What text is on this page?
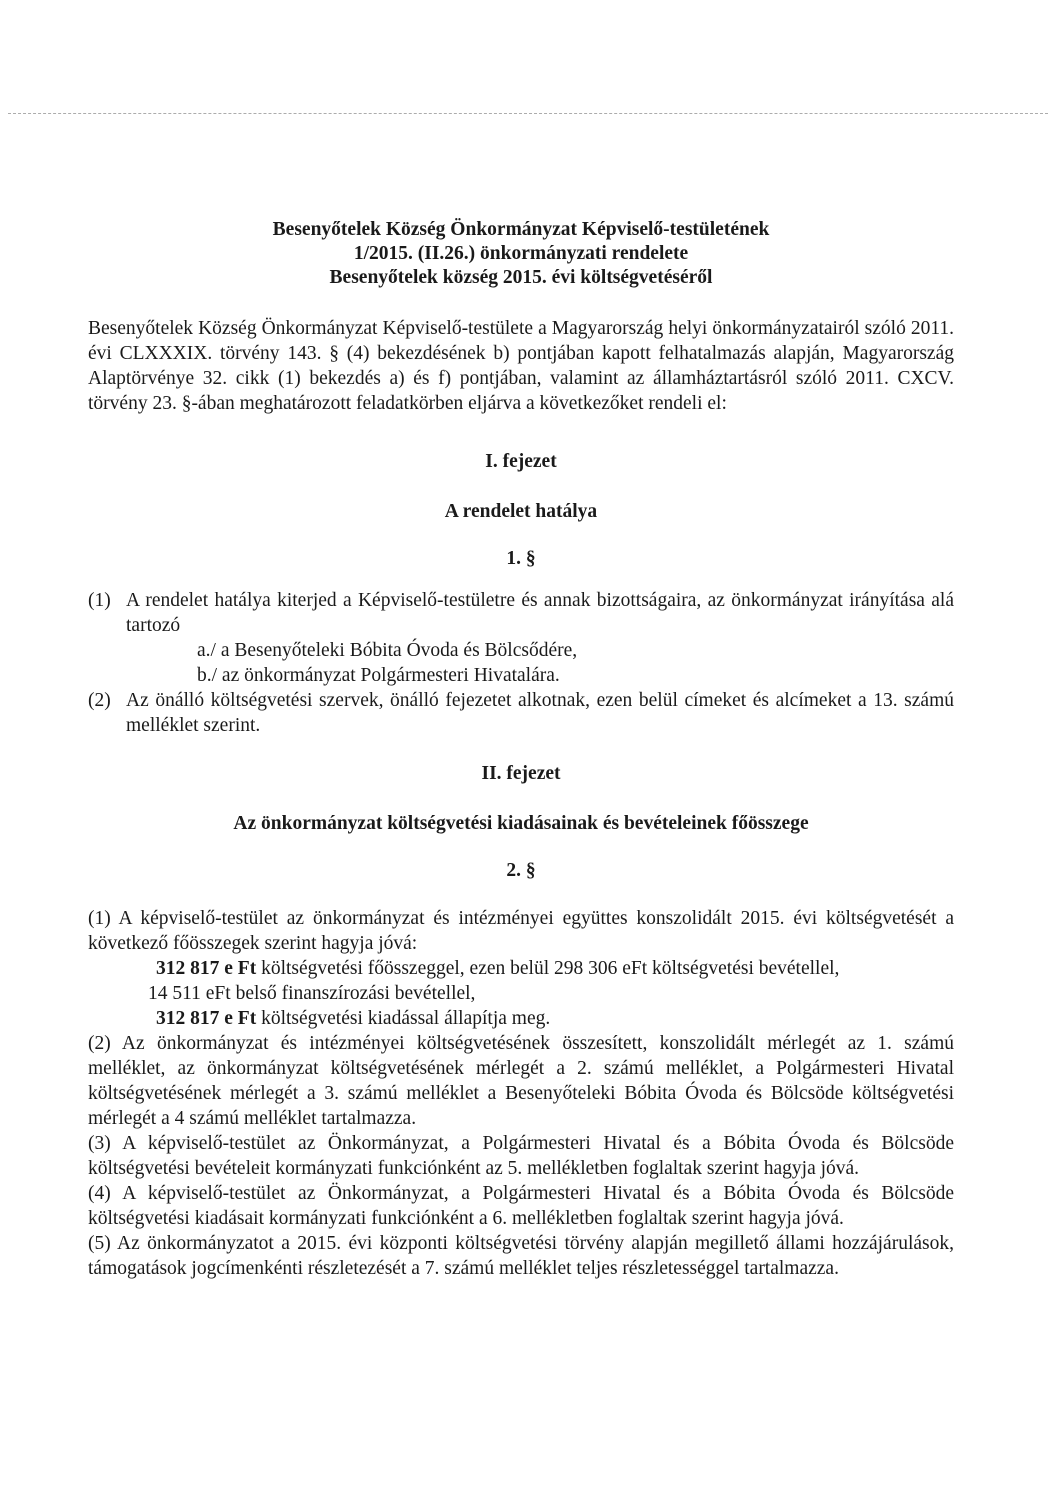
Besenyőtelek Község Önkormányzat Képviselő-testületének
1/2015. (II.26.) önkormányzati rendelete
Besenyőtelek község 2015. évi költségvetéséről

Besenyőtelek Község Önkormányzat Képviselő-testülete a Magyarország helyi önkormányzatairól szóló 2011. évi CLXXXIX. törvény 143. § (4) bekezdésének b) pontjában kapott felhatalmazás alapján, Magyarország Alaptörvénye 32. cikk (1) bekezdés a) és f) pontjában, valamint az államháztartásról szóló 2011. CXCV. törvény 23. §-ában meghatározott feladatkörben eljárva a következőket rendeli el:

I. fejezet
A rendelet hatálya
1. §
(1) A rendelet hatálya kiterjed a Képviselő-testületre és annak bizottságaira, az önkormányzat irányítása alá tartozó
a./ a Besenyőteleki Bóbita Óvoda és Bölcsődére,
b./ az önkormányzat Polgármesteri Hivatalára.
(2) Az önálló költségvetési szervek, önálló fejezetet alkotnak, ezen belül címeket és alcímeket a 13. számú melléklet szerint.
II. fejezet
Az önkormányzat költségvetési kiadásainak és bevételeinek főösszege
2. §

(1) A képviselő-testület az önkormányzat és intézményei együttes konszolidált 2015. évi költségvetését a következő főösszegek szerint hagyja jóvá:

312 817 e Ft költségvetési főösszeggel, ezen belül 298 306 eFt költségvetési bevétellel,
14 511 eFt belső finanszírozási bevétellel,
312 817 e Ft költségvetési kiadással állapítja meg.

(2) Az önkormányzat és intézményei költségvetésének összesített, konszolidált mérlegét az 1. számú melléklet, az önkormányzat költségvetésének mérlegét a 2. számú melléklet, a Polgármesteri Hivatal költségvetésének mérlegét a 3. számú melléklet a Besenyőteleki Bóbita Óvoda és Bölcsöde költségvetési mérlegét a 4 számú melléklet tartalmazza.

(3) A képviselő-testület az Önkormányzat, a Polgármesteri Hivatal és a Bóbita Óvoda és Bölcsöde költségvetési bevételeit kormányzati funkciónként az 5. mellékletben foglaltak szerint hagyja jóvá.

(4) A képviselő-testület az Önkormányzat, a Polgármesteri Hivatal és a Bóbita Óvoda és Bölcsöde költségvetési kiadásait kormányzati funkciónként a 6. mellékletben foglaltak szerint hagyja jóvá.

(5) Az önkormányzatot a 2015. évi központi költségvetési törvény alapján megillető állami hozzájárulások, támogatások jogcímenkénti részletezését a 7. számú melléklet teljes részletességgel tartalmazza.
